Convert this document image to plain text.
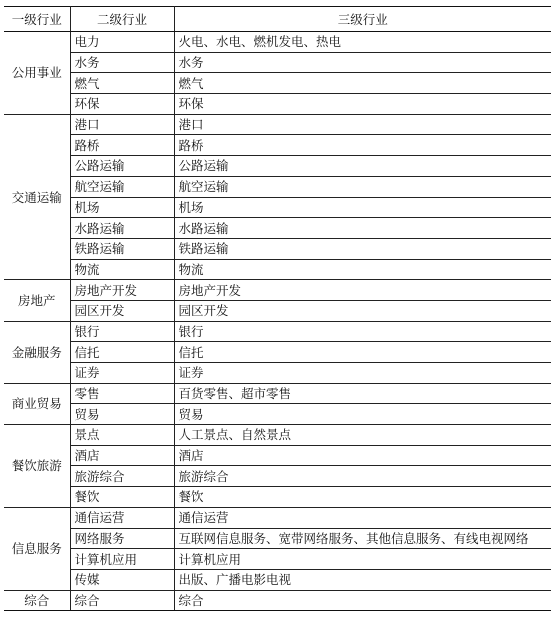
一级行业	二级行业	三级行业
公用事业	电力	火电、水电、燃机发电、热电
	水务	水务
	燃气	燃气
	环保	环保
交通运输	港口	港口
	路桥	路桥
	公路运输	公路运输
	航空运输	航空运输
	机场	机场
	水路运输	水路运输
	铁路运输	铁路运输
	物流	物流
房地产	房地产开发	房地产开发
	园区开发	园区开发
金融服务	银行	银行
	信托	信托
	证券	证券
商业贸易	零售	百货零售、超市零售
	贸易	贸易
餐饮旅游	景点	人工景点、自然景点
	酒店	酒店
	旅游综合	旅游综合
	餐饮	餐饮
信息服务	通信运营	通信运营
	网络服务	互联网信息服务、宽带网络服务、其他信息服务、有线电视网络
	计算机应用	计算机应用
	传媒	出版、广播电影电视
综合	综合	综合
